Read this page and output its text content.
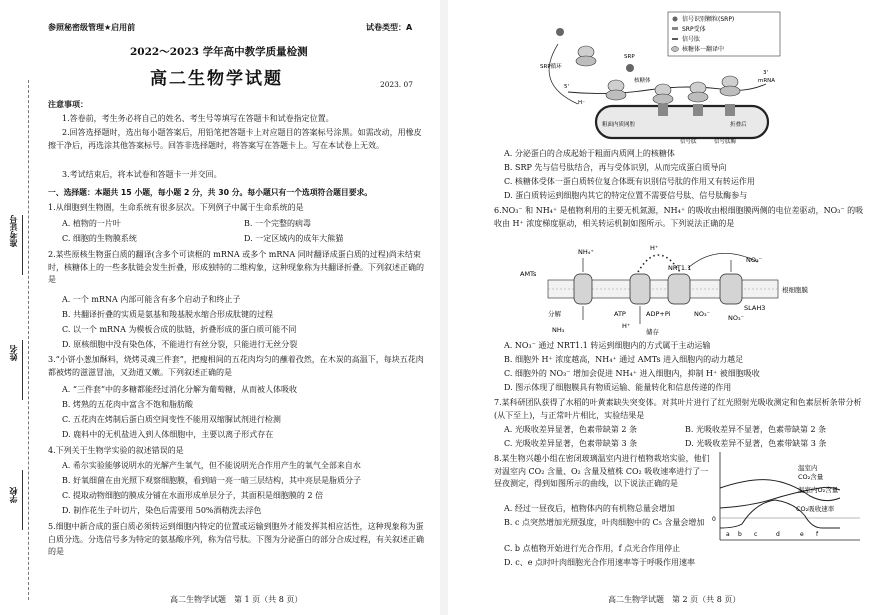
参照秘密级管理★启用前	试卷类型：A
2022～2023 学年高中教学质量检测
高二生物学试题	2023. 07
准考证号
姓名
学校
注意事项：
1.答卷前，考生务必将自己的姓名、考生号等填写在答题卡和试卷指定位置。
2.回答选择题时，选出每小题答案后，用铅笔把答题卡上对应题目的答案标号涂黑。如需改动，用橡皮擦干净后，再选涂其他答案标号。回答非选择题时，将答案写在答题卡上。写在本试卷上无效。
3.考试结束后，将本试卷和答题卡一并交回。
一、选择题：本题共 15 小题，每小题 2 分，共 30 分。每小题只有一个选项符合题目要求。
1.从细胞到生物圈，生命系统有很多层次。下列例子中属于生命系统的是
A. 植物的一片叶	B. 一个完整的病毒
C. 细胞的生物膜系统	D. 一定区域内的成年大熊猫
2.某些原核生物蛋白质的翻译(含多个可读框的 mRNA 或多个 mRNA 同时翻译成蛋白质的过程)尚未结束时，核糖体上的一些多肽链会发生折叠，形成独特的二维构象，这种现象称为共翻译折叠。下列叙述正确的是
A. 一个 mRNA 内部可能含有多个启动子和终止子
B. 共翻译折叠的实质是氨基和羧基脱水缩合形成肽键的过程
C. 以一个 mRNA 为模板合成的肽链，折叠形成的蛋白质可能不同
D. 原核细胞中没有染色体，不能进行有丝分裂，只能进行无丝分裂
3.“小饼小葱加酥料，烧烤灵魂三件套”，把瘦相间的五花肉均匀的蘸着孜然，在木炭的高温下，每块五花肉都被烤的滋滋冒油，又劲道又嫩。下列叙述正确的是
A. “三件套”中的多糖都能经过消化分解为葡萄糖，从而被人体吸收
B. 烤熟的五花肉中富含不饱和脂肪酸
C. 五花肉在烤制后蛋白质空间变性不能用双缩脲试剂进行检测
D. 鹿料中的无机盐进入到人体细胞中，主要以离子形式存在
4.下列关于生物学实验的叙述错误的是
A. 希尔实验能够说明水的光解产生氧气，但不能说明光合作用产生的氧气全部来自水
B. 好氧细菌在由光照下观察细胞膜，看到暗一亮一暗三层结构，其中亮层是脂质分子
C. 提取动物细胞的膜成分铺在水面形成单层分子，其面积是细胞膜的 2 倍
D. 制作花生子叶切片，染色后需要用 50%酒精洗去浮色
5.细胞中新合成的蛋白质必须转运到细胞内特定的位置或运输到胞外才能发挥其相应活性，这种现象称为蛋白质分选。分选信号多为特定的氨基酸序列，称为信号肽。下图为分泌蛋白的部分合成过程，有关叙述正确的是
高二生物学试题　第 1 页（共 8 页）
信号识别颗粒(SRP)
SRP受体
信号肽
核糖体一翻译中
SRP循环
SRP
核糖体
5'
3'
mRNA
信号肽	信号肽酶
粗面内质网腔	折叠后
H⁻
A. 分泌蛋白的合成起始于粗面内质网上的核糖体
B. SRP 先与信号肽结合，再与受体识别，从而完成蛋白质导向
C. 核糖体受体一蛋白质转位复合体既有识别信号肽的作用又有转运作用
D. 蛋白质转运到细胞内其它的特定位置不需要信号肽、信号肽酶参与
6.NO₃⁻ 和 NH₄⁺ 是植物利用的主要无机氮源，NH₄⁺ 的吸收由根细胞膜两侧的电位差驱动，NO₃⁻ 的吸收由 H⁺ 浓度梯度驱动，相关转运机制如图所示。下列说法正确的是
AMTs
NH₄⁺	H⁺
NRT1.1
NO₃⁻
根细胞膜
分解	ATP	ADP+Pi
储存
SLAH3
NH₃
NO₃⁻
H⁺
NO₃⁻
A. NO₃⁻ 通过 NRT1.1 转运到细胞内的方式属于主动运输
B. 细胞外 H⁺ 浓度越高，NH₄⁺ 通过 AMTs 进入细胞内的动力越足
C. 细胞外的 NO₃⁻ 增加会促进 NH₄⁺ 进入细胞内，抑制 H⁺ 被细胞吸收
D. 图示体现了细胞膜具有物质运输、能量转化和信息传递的作用
7.某科研团队获得了水稻的叶黄素缺失突变体。对其叶片进行了红光照射光吸收测定和色素层析条带分析(从下至上)，与正常叶片相比，实验结果是
A. 光吸收差异显著，色素带缺第 2 条	B. 光吸收差异不显著，色素带缺第 2 条
C. 光吸收差异显著，色素带缺第 3 条	D. 光吸收差异不显著，色素带缺第 3 条
8.某生物兴趣小组在密闭玻璃温室内进行植物栽培实验，他们对温室内 CO₂ 含量、O₂ 含量及植株 CO₂ 吸收速率进行了一昼夜测定，得到如图所示的曲线，以下说法正确的是
温室内
CO₂含量
温室内O₂含量
CO₂吸收速率
0
a b c	d	e f
A. 经过一昼夜后，植物体内的有机物总量会增加
B. c 点突然增加光照强度，叶肉细胞中的 C₅ 含量会增加
C. b 点植物开始进行光合作用，f 点光合作用停止
D. c、e 点时叶肉细胞光合作用速率等于呼吸作用速率
高二生物学试题　第 2 页（共 8 页）
